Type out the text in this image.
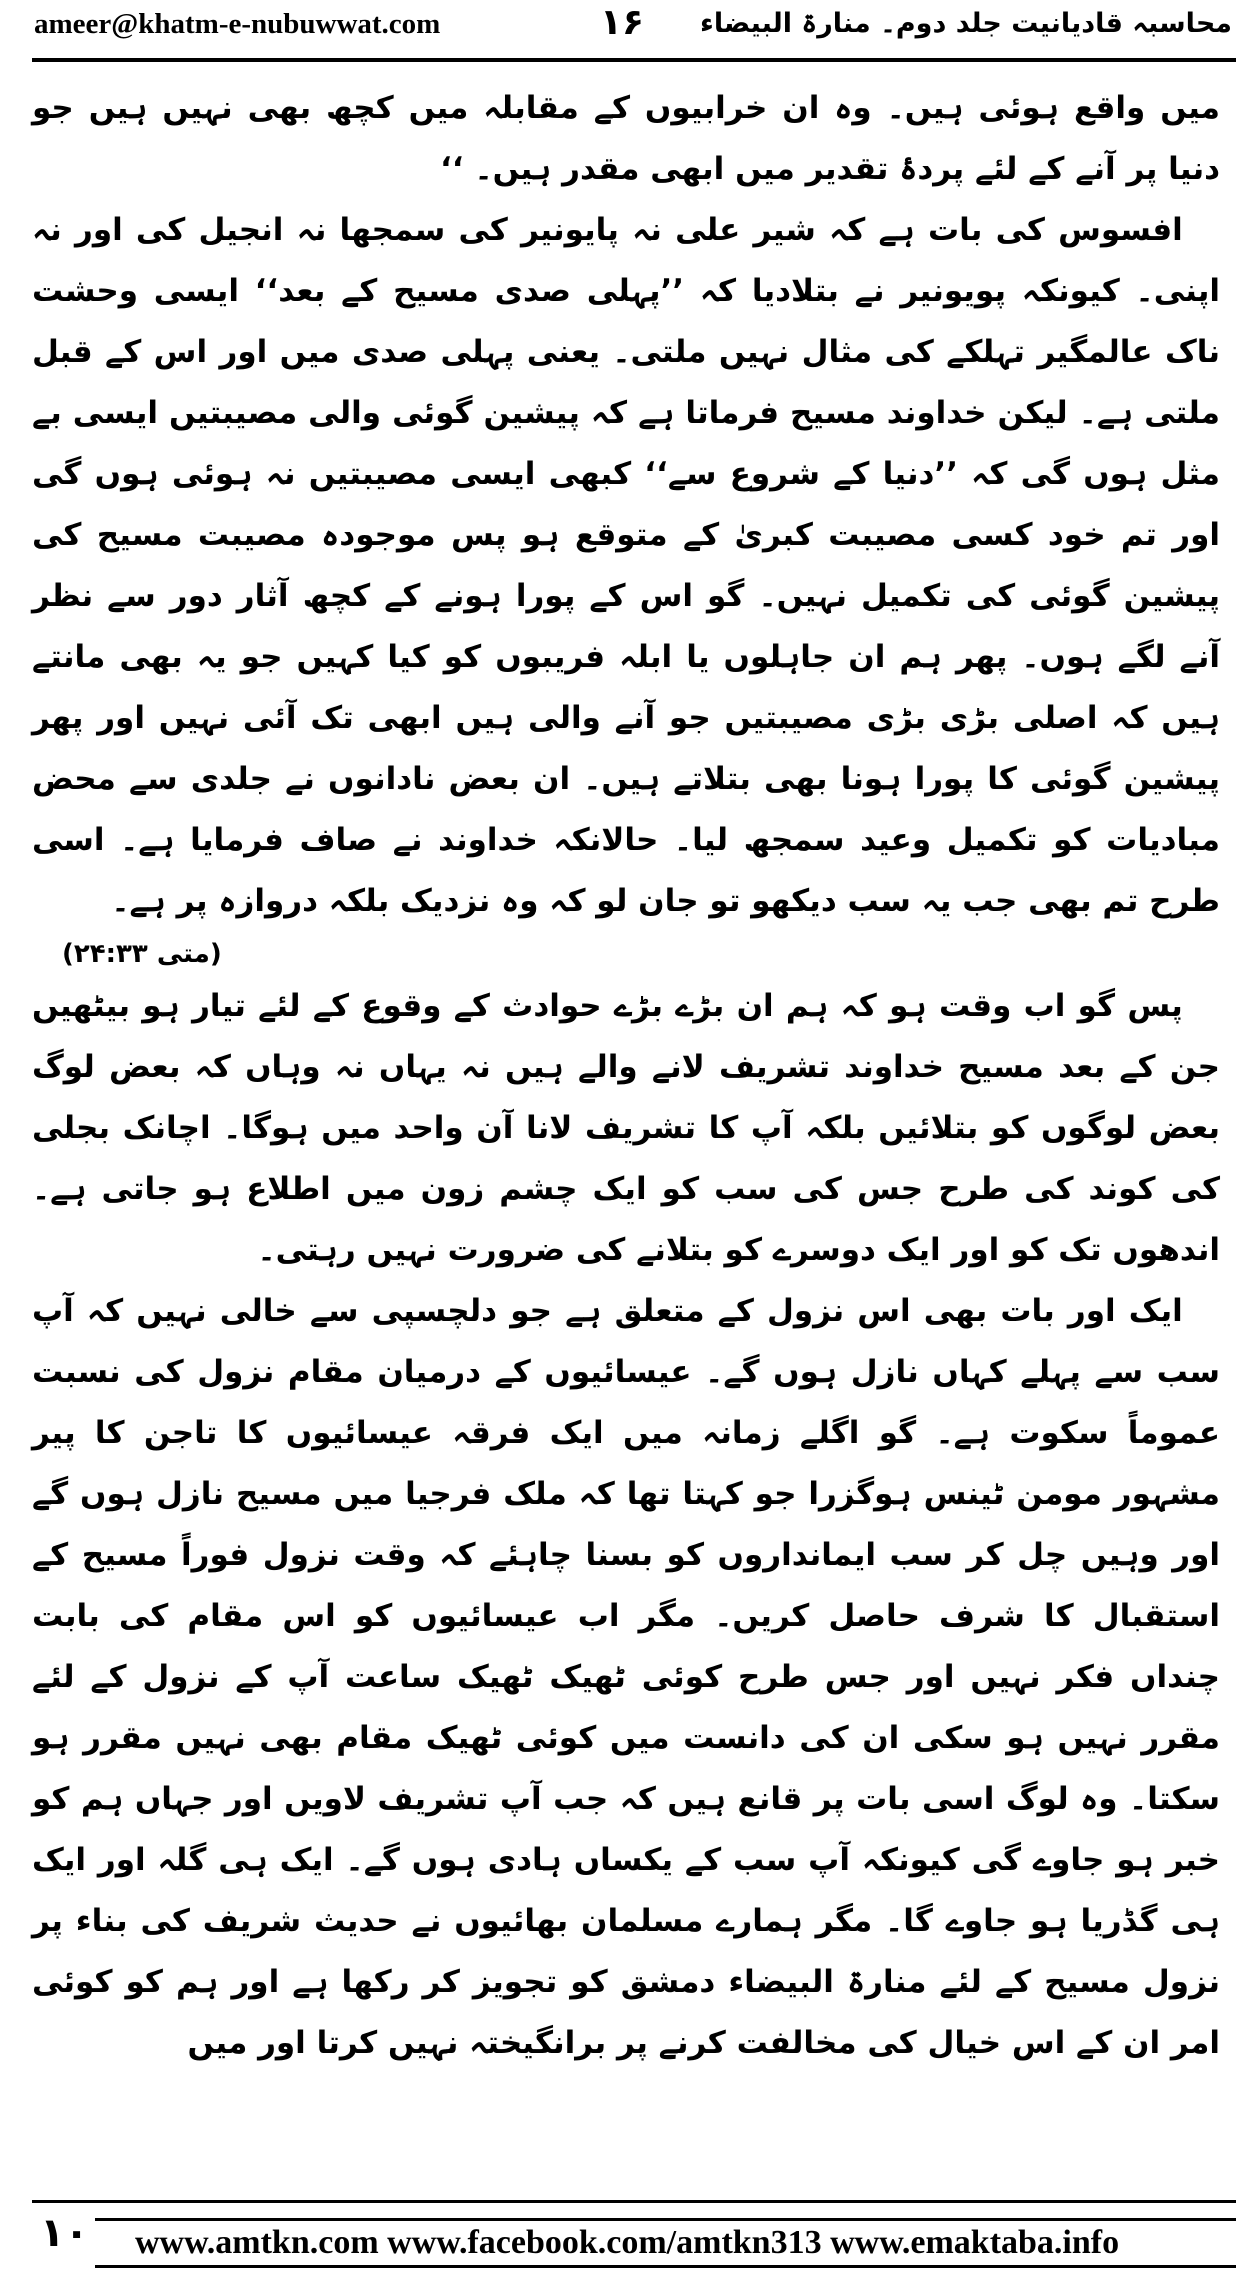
ameer@khatm-e-nubuwwat.com	۱۶ محاسبہ قادیانیت جلد دوم۔ منارۃ البیضاء

میں واقع ہوئی ہیں۔ وہ ان خرابیوں کے مقابلہ میں کچھ بھی نہیں ہیں جو دنیا پر آنے کے لئے پردۂ تقدیر میں ابھی مقدر ہیں۔ ‘‘

افسوس کی بات ہے کہ شیر علی نہ پایونیر کی سمجھا نہ انجیل کی اور نہ اپنی۔ کیونکہ پویونیر نے بتلادیا کہ ’’پہلی صدی مسیح کے بعد‘‘ ایسی وحشت ناک عالمگیر تہلکے کی مثال نہیں ملتی۔ یعنی پہلی صدی میں اور اس کے قبل ملتی ہے۔ لیکن خداوند مسیح فرماتا ہے کہ پیشین گوئی والی مصیبتیں ایسی بے مثل ہوں گی کہ ’’دنیا کے شروع سے‘‘ کبھی ایسی مصیبتیں نہ ہوئی ہوں گی اور تم خود کسی مصیبت کبریٰ کے متوقع ہو پس موجودہ مصیبت مسیح کی پیشین گوئی کی تکمیل نہیں۔ گو اس کے پورا ہونے کے کچھ آثار دور سے نظر آنے لگے ہوں۔ پھر ہم ان جاہلوں یا ابلہ فریبوں کو کیا کہیں جو یہ بھی مانتے ہیں کہ اصلی بڑی بڑی مصیبتیں جو آنے والی ہیں ابھی تک آئی نہیں اور پھر پیشین گوئی کا پورا ہونا بھی بتلاتے ہیں۔ ان بعض نادانوں نے جلدی سے محض مبادیات کو تکمیل وعید سمجھ لیا۔ حالانکہ خداوند نے صاف فرمایا ہے۔ اسی طرح تم بھی جب یہ سب دیکھو تو جان لو کہ وہ نزدیک بلکہ دروازہ پر ہے۔

(متی ۲۴:۳۳)

پس گو اب وقت ہو کہ ہم ان بڑے بڑے حوادث کے وقوع کے لئے تیار ہو بیٹھیں جن کے بعد مسیح خداوند تشریف لانے والے ہیں نہ یہاں نہ وہاں کہ بعض لوگ بعض لوگوں کو بتلائیں بلکہ آپ کا تشریف لانا آن واحد میں ہوگا۔ اچانک بجلی کی کوند کی طرح جس کی سب کو ایک چشم زون میں اطلاع ہو جاتی ہے۔ اندھوں تک کو اور ایک دوسرے کو بتلانے کی ضرورت نہیں رہتی۔

ایک اور بات بھی اس نزول کے متعلق ہے جو دلچسپی سے خالی نہیں کہ آپ سب سے پہلے کہاں نازل ہوں گے۔ عیسائیوں کے درمیان مقام نزول کی نسبت عموماً سکوت ہے۔ گو اگلے زمانہ میں ایک فرقہ عیسائیوں کا تاجن کا پیر مشہور مومن ٹینس ہوگزرا جو کہتا تھا کہ ملک فرجیا میں مسیح نازل ہوں گے اور وہیں چل کر سب ایمانداروں کو بسنا چاہئے کہ وقت نزول فوراً مسیح کے استقبال کا شرف حاصل کریں۔ مگر اب عیسائیوں کو اس مقام کی بابت چنداں فکر نہیں اور جس طرح کوئی ٹھیک ٹھیک ساعت آپ کے نزول کے لئے مقرر نہیں ہو سکی ان کی دانست میں کوئی ٹھیک مقام بھی نہیں مقرر ہو سکتا۔ وہ لوگ اسی بات پر قانع ہیں کہ جب آپ تشریف لاویں اور جہاں ہم کو خبر ہو جاوے گی کیونکہ آپ سب کے یکساں ہادی ہوں گے۔ ایک ہی گلہ اور ایک ہی گڈریا ہو جاوے گا۔ مگر ہمارے مسلمان بھائیوں نے حدیث شریف کی بناء پر نزول مسیح کے لئے منارۃ البیضاء دمشق کو تجویز کر رکھا ہے اور ہم کو کوئی امر ان کے اس خیال کی مخالفت کرنے پر برانگیختہ نہیں کرتا اور میں

۱۰ www.amtkn.com www.facebook.com/amtkn313 www.emaktaba.info
